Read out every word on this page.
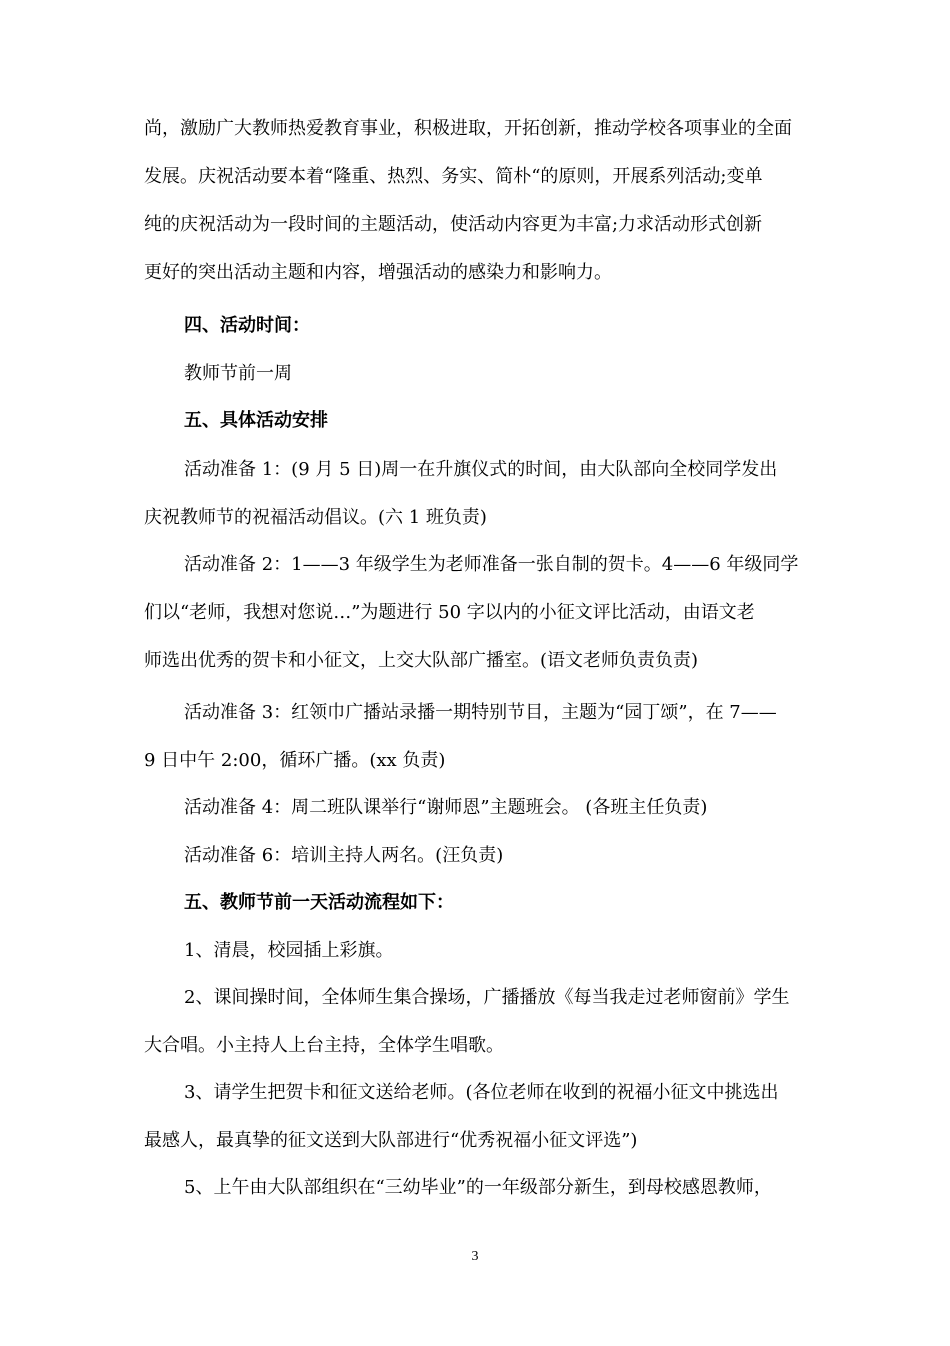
尚，激励广大教师热爱教育事业，积极进取，开拓创新，推动学校各项事业的全面
发展。庆祝活动要本着“隆重、热烈、务实、简朴“的原则，开展系列活动;变单
纯的庆祝活动为一段时间的主题活动，使活动内容更为丰富;力求活动形式创新
更好的突出活动主题和内容，增强活动的感染力和影响力。

四、活动时间：

教师节前一周

五、具体活动安排

活动准备 1：(9 月 5 日)周一在升旗仪式的时间，由大队部向全校同学发出
庆祝教师节的祝福活动倡议。(六 1 班负责)

活动准备 2：1——3 年级学生为老师准备一张自制的贺卡。4——6 年级同学
们以“老师，我想对您说…”为题进行 50 字以内的小征文评比活动，由语文老
师选出优秀的贺卡和小征文，上交大队部广播室。(语文老师负责负责)

活动准备 3：红领巾广播站录播一期特别节目，主题为“园丁颂”，在 7——
9 日中午 2:00，循环广播。(xx 负责)

活动准备 4：周二班队课举行“谢师恩”主题班会。 (各班主任负责)

活动准备 6：培训主持人两名。(汪负责)

五、教师节前一天活动流程如下：

1、清晨，校园插上彩旗。

2、课间操时间，全体师生集合操场，广播播放《每当我走过老师窗前》学生
大合唱。小主持人上台主持，全体学生唱歌。

3、请学生把贺卡和征文送给老师。(各位老师在收到的祝福小征文中挑选出
最感人，最真挚的征文送到大队部进行“优秀祝福小征文评选”)

5、上午由大队部组织在“三幼毕业”的一年级部分新生，到母校感恩教师，

3
